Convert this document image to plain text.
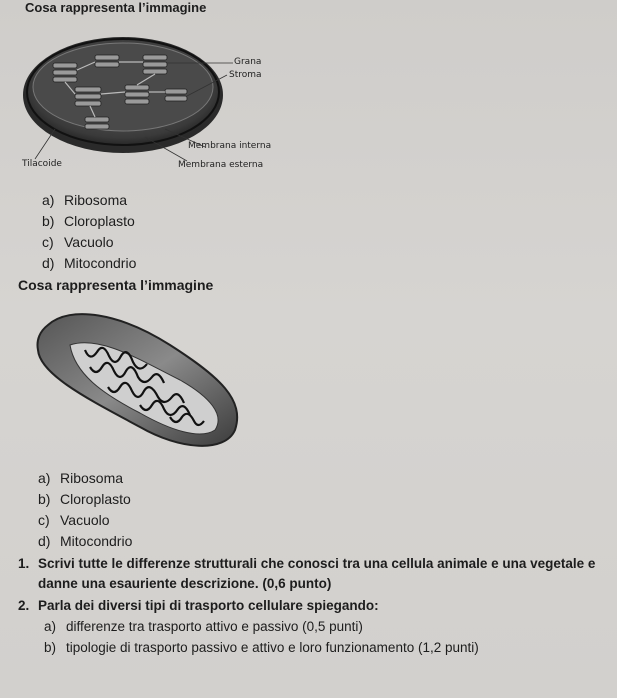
Cosa rappresenta l’immagine
Grana
Stroma
Membrana interna
Membrana esterna
Tilacoide
a) Ribosoma
b) Cloroplasto
c) Vacuolo
d) Mitocondrio
Cosa rappresenta l’immagine
a) Ribosoma
b) Cloroplasto
c) Vacuolo
d) Mitocondrio
1. Scrivi tutte le differenze strutturali che conosci tra una cellula animale e una vegetale e
danne una esauriente descrizione. (0,6 punto)
2. Parla dei diversi tipi di trasporto cellulare spiegando:
a) differenze tra trasporto attivo e passivo (0,5 punti)
b) tipologie di trasporto passivo e attivo e loro funzionamento (1,2 punti)
